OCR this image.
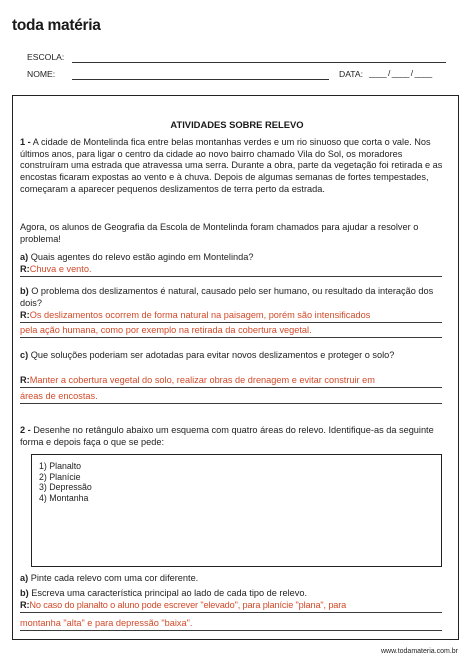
toda matéria
ESCOLA:
NOME:	DATA: ____ / ____ / ____
ATIVIDADES SOBRE RELEVO
1 - A cidade de Montelinda fica entre belas montanhas verdes e um rio sinuoso que corta o vale. Nos últimos anos, para ligar o centro da cidade ao novo bairro chamado Vila do Sol, os moradores construíram uma estrada que atravessa uma serra. Durante a obra, parte da vegetação foi retirada e as encostas ficaram expostas ao vento e à chuva. Depois de algumas semanas de fortes tempestades, começaram a aparecer pequenos deslizamentos de terra perto da estrada.
Agora, os alunos de Geografia da Escola de Montelinda foram chamados para ajudar a resolver o problema!
a) Quais agentes do relevo estão agindo em Montelinda?
R:Chuva e vento.
b) O problema dos deslizamentos é natural, causado pelo ser humano, ou resultado da interação dos dois?
R:Os deslizamentos ocorrem de forma natural na paisagem, porém são intensificados
pela ação humana, como por exemplo na retirada da cobertura vegetal.
c) Que soluções poderiam ser adotadas para evitar novos deslizamentos e proteger o solo?
R:Manter a cobertura vegetal do solo, realizar obras de drenagem e evitar construir em
áreas de encostas.
2 - Desenhe no retângulo abaixo um esquema com quatro áreas do relevo. Identifique-as da seguinte forma e depois faça o que se pede:
1) Planalto
2) Planície
3) Depressão
4) Montanha
a) Pinte cada relevo com uma cor diferente.
b) Escreva uma característica principal ao lado de cada tipo de relevo.
R:No caso do planalto o aluno pode escrever "elevado", para planície "plana", para
montanha "alta" e para depressão "baixa".
www.todamateria.com.br
